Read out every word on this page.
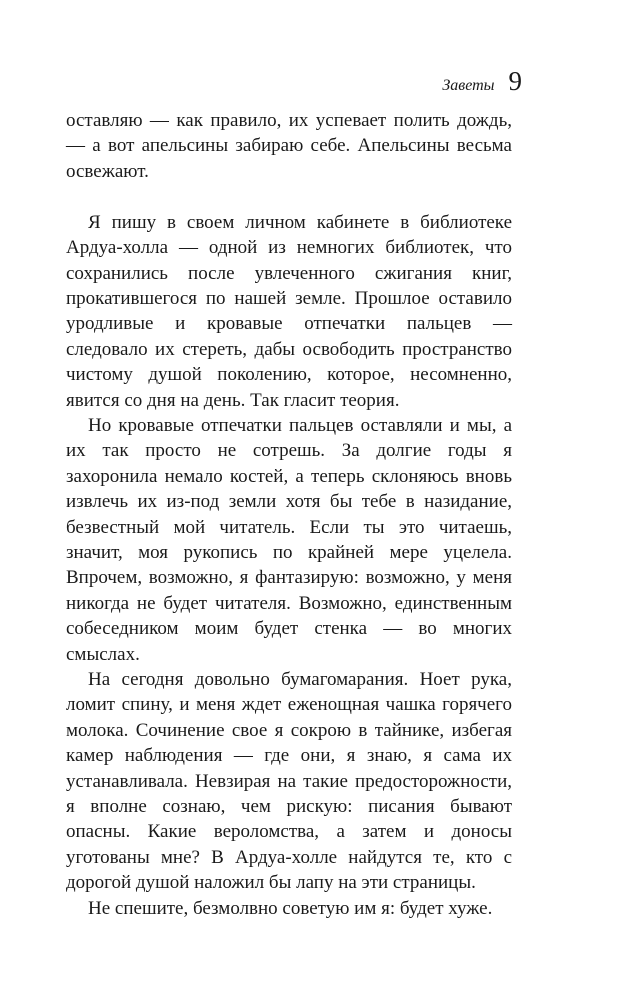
Заветы 9

оставляю — как правило, их успевает полить дождь, — а вот апельсины забираю себе. Апельсины весьма освежают.

Я пишу в своем личном кабинете в библиотеке Ардуа-холла — одной из немногих библиотек, что сохранились после увлеченного сжигания книг, прокатившегося по нашей земле. Прошлое оставило уродливые и кровавые отпечатки пальцев — следовало их стереть, дабы освободить пространство чистому душой поколению, которое, несомненно, явится со дня на день. Так гласит теория.

Но кровавые отпечатки пальцев оставляли и мы, а их так просто не сотрешь. За долгие годы я захоронила немало костей, а теперь склоняюсь вновь извлечь их из-под земли хотя бы тебе в назидание, безвестный мой читатель. Если ты это читаешь, значит, моя рукопись по крайней мере уцелела. Впрочем, возможно, я фантазирую: возможно, у меня никогда не будет читателя. Возможно, единственным собеседником моим будет стенка — во многих смыслах.

На сегодня довольно бумагомарания. Ноет рука, ломит спину, и меня ждет еженощная чашка горячего молока. Сочинение свое я сокрою в тайнике, избегая камер наблюдения — где они, я знаю, я сама их устанавливала. Невзирая на такие предосторожности, я вполне сознаю, чем рискую: писания бывают опасны. Какие вероломства, а затем и доносы уготованы мне? В Ардуа-холле найдутся те, кто с дорогой душой наложил бы лапу на эти страницы.

Не спешите, безмолвно советую им я: будет хуже.
